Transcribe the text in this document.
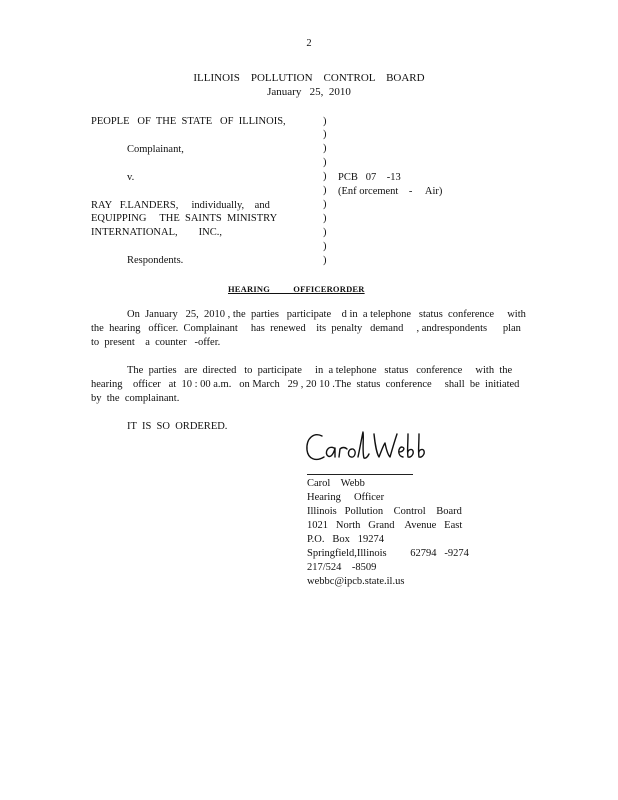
2
ILLINOIS    POLLUTION    CONTROL    BOARD
January   25,  2010
PEOPLE   OF  THE  STATE   OF  ILLINOIS,
Complainant,
v.
RAY   F.LANDERS,     individually,    and
EQUIPPING     THE  SAINTS  MINISTRY
INTERNATIONAL,        INC.,
Respondents.
)
)
)
)
)
)
)
)
)
)
)
PCB   07    -13
(Enf orcement    -     Air)
HEARING          OFFICERORDER
On  January   25,  2010 , the  parties   participate    d in  a telephone   status  conference     with
the  hearing   officer.  Complainant     has  renewed    its  penalty   demand     , andrespondents      plan
to  present    a  counter   -offer.
The  parties   are  directed   to  participate     in  a telephone   status   conference     with  the
hearing    officer   at  10 : 00 a.m.   on March   29 , 20 10 .The  status  conference     shall  be  initiated
by  the  complainant.
IT  IS  SO  ORDERED.
Carol    Webb
Hearing     Officer
Illinois   Pollution    Control    Board
1021   North   Grand    Avenue   East
P.O.   Box   19274
Springfield,Illinois         62794   -9274
217/524    -8509
webbc@ipcb.state.il.us
